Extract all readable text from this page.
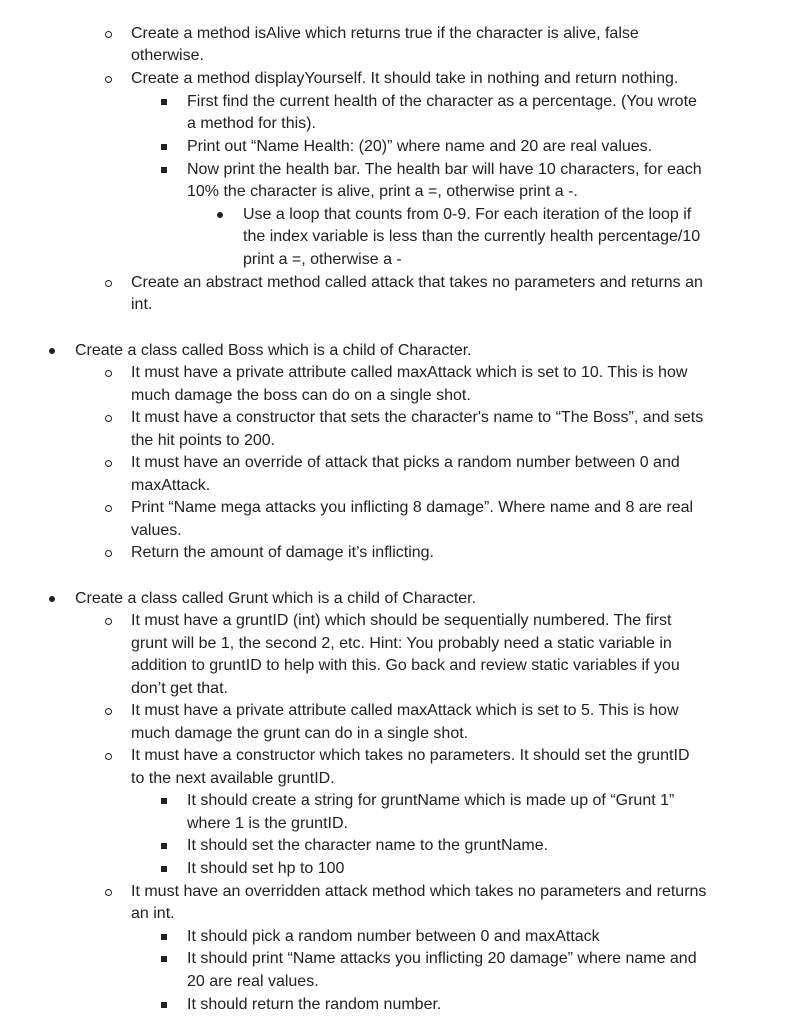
Create a method isAlive which returns true if the character is alive, false
otherwise.
Create a method displayYourself. It should take in nothing and return nothing.
First find the current health of the character as a percentage. (You wrote
a method for this).
Print out “Name Health: (20)” where name and 20 are real values.
Now print the health bar. The health bar will have 10 characters, for each
10% the character is alive, print a =, otherwise print a -.
Use a loop that counts from 0-9. For each iteration of the loop if
the index variable is less than the currently health percentage/10
print a =, otherwise a -
Create an abstract method called attack that takes no parameters and returns an
int.
Create a class called Boss which is a child of Character.
It must have a private attribute called maxAttack which is set to 10. This is how
much damage the boss can do on a single shot.
It must have a constructor that sets the character's name to “The Boss”, and sets
the hit points to 200.
It must have an override of attack that picks a random number between 0 and
maxAttack.
Print “Name mega attacks you inflicting 8 damage”. Where name and 8 are real
values.
Return the amount of damage it’s inflicting.
Create a class called Grunt which is a child of Character.
It must have a gruntID (int) which should be sequentially numbered. The first
grunt will be 1, the second 2, etc. Hint: You probably need a static variable in
addition to gruntID to help with this. Go back and review static variables if you
don’t get that.
It must have a private attribute called maxAttack which is set to 5. This is how
much damage the grunt can do in a single shot.
It must have a constructor which takes no parameters. It should set the gruntID
to the next available gruntID.
It should create a string for gruntName which is made up of “Grunt 1”
where 1 is the gruntID.
It should set the character name to the gruntName.
It should set hp to 100
It must have an overridden attack method which takes no parameters and returns
an int.
It should pick a random number between 0 and maxAttack
It should print “Name attacks you inflicting 20 damage” where name and
20 are real values.
It should return the random number.
